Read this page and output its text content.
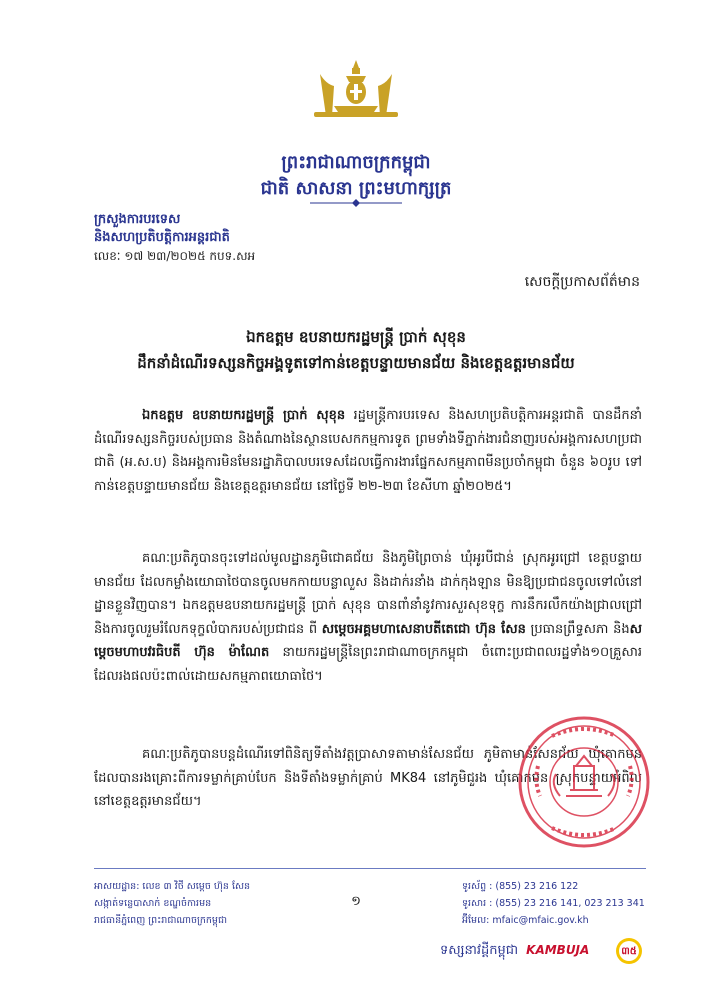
ព្រះរាជាណាចក្រកម្ពុជា
ជាតិ សាសនា ព្រះមហាក្សត្រ
ក្រសួងការបរទេស
និងសហប្រតិបត្តិការអន្តរជាតិ
លេខៈ ១៧ ២៣/២០២៥ កបទ.សអ
សេចក្តីប្រកាសព័ត៌មាន
ឯកឧត្តម ឧបនាយករដ្ឋមន្ត្រី ប្រាក់ សុខុន
ដឹកនាំដំណើរទស្សនកិច្ចអង្គទូតទៅកាន់ខេត្តបន្ទាយមានជ័យ និងខេត្តឧត្តរមានជ័យ
ឯកឧត្តម ឧបនាយករដ្ឋមន្ត្រី ប្រាក់ សុខុន រដ្ឋមន្ត្រីការបរទេស និងសហប្រតិបត្តិការអន្តរជាតិ បានដឹកនាំដំណើរទស្សនកិច្ចរបស់ប្រធាន និងតំណាងនៃស្ថានបេសកកម្មការទូត ព្រមទាំងទីភ្នាក់ងារជំនាញរបស់អង្គការសហប្រជាជាតិ (អ.ស.ប) និងអង្គការមិនមែនរដ្ឋាភិបាលបរទេសដែលធ្វើការងារផ្នែកសកម្មភាពមីនប្រចាំកម្ពុជា ចំនួន ៦០រូប ទៅកាន់ខេត្តបន្ទាយមានជ័យ និងខេត្តឧត្តរមានជ័យ នៅថ្ងៃទី ២២-២៣ ខែសីហា ឆ្នាំ២០២៥។
គណៈប្រតិភូបានចុះទៅដល់មូលដ្ឋានភូមិជោគជ័យ និងភូមិព្រៃចាន់ ឃុំអូរបីជាន់ ស្រុកអូរជ្រៅ ខេត្តបន្ទាយមានជ័យ ដែលកម្លាំងយោធាថៃបានចូលមកកាយបន្លាលួស និងដាក់រនាំង ដាក់កុងឡាន មិនឱ្យប្រជាជនចូលទៅលំនៅដ្ឋានខ្លួនវិញបាន។ ឯកឧត្តមឧបនាយករដ្ឋមន្ត្រី ប្រាក់ សុខុន បានពាំនាំនូវការសួរសុខទុក្ខ ការនឹករលឹកយ៉ាងជ្រាលជ្រៅ និងការចូលរួមរំលែកទុក្ខលំបាករបស់ប្រជាជន ពី សម្តេចអគ្គមហាសេនាបតីតេជោ ហ៊ុន សែន ប្រធានព្រឹទ្ធសភា និងសម្តេចមហាបវរធិបតី ហ៊ុន ម៉ាណែត នាយករដ្ឋមន្ត្រីនៃព្រះរាជាណាចក្រកម្ពុជា ចំពោះប្រជាពលរដ្ឋទាំង១០គ្រួសារ ដែលរងផលប៉ះពាល់ដោយសកម្មភាពយោធាថៃ។
គណៈប្រតិភូបានបន្តដំណើរទៅពិនិត្យទីតាំងវត្តប្រាសាទតាមាន់សែនជ័យ ភូមិតាមាន់សែនជ័យ ឃុំគោកមន ដែលបានរងគ្រោះពីការទម្លាក់គ្រាប់បែក និងទីតាំងទម្លាក់គ្រាប់ MK84 នៅភូមិជួរង ឃុំគោកមន ស្រុកបន្ទាយអំពិល នៅខេត្តឧត្តរមានជ័យ។
អាសយដ្ឋាន: លេខ ៣ វិថី សម្តេច ហ៊ុន សែន
សង្កាត់ទន្លេបាសាក់ ខណ្ឌចំការមន
រាជធានីភ្នំពេញ ព្រះរាជាណាចក្រកម្ពុជា
១
ទូរស័ព្ទ : (855) 23 216 122
ទូរសារ : (855) 23 216 141, 023 213 341
អ៊ីមែល: mfaic@mfaic.gov.kh
ទស្សនាវដ្តីកម្ពុជា KAMBUJA	៣៥
